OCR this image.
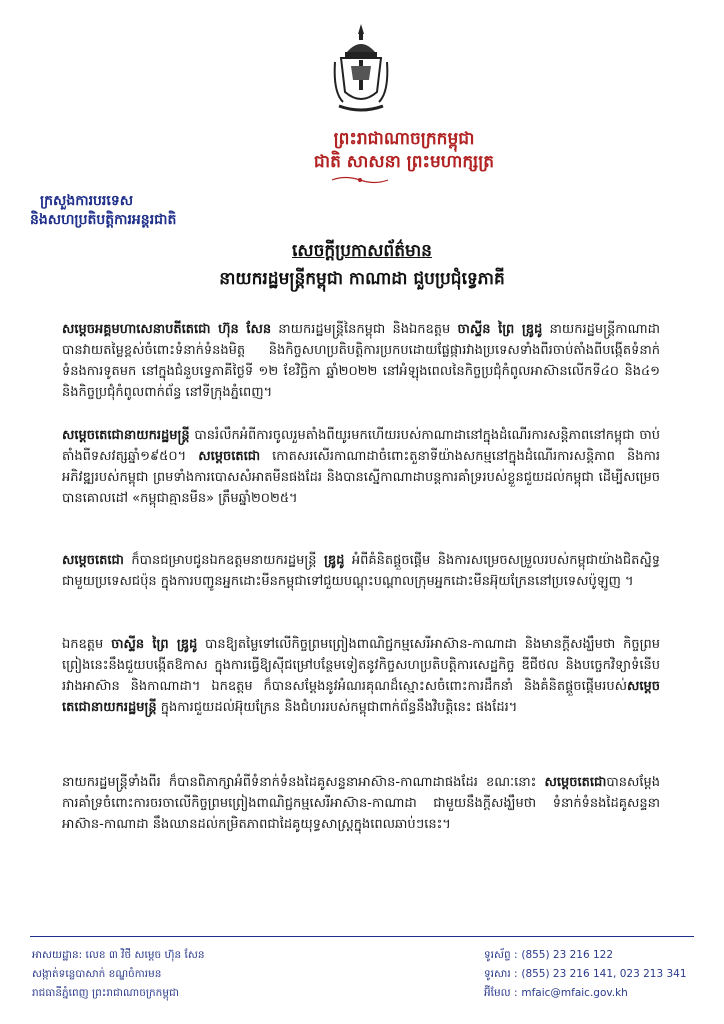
ព្រះរាជាណាចក្រកម្ពុជា
ជាតិ សាសនា ព្រះមហាក្សត្រ
ក្រសួងការបរទេស
និងសហប្រតិបត្តិការអន្តរជាតិ
សេចក្តីប្រកាសព័ត៌មាន
នាយករដ្ឋមន្ត្រីកម្ពុជា កាណាដា ជួបប្រជុំទ្វេភាគី

សម្តេចអគ្គមហាសេនាបតីតេជោ ហ៊ុន សែន នាយករដ្ឋមន្ត្រីនៃកម្ពុជា និងឯកឧត្តម ចាស្ទីន ព្រៃ ឌ្រូដូ នាយករដ្ឋមន្ត្រីកាណាដា បានវាយតម្លៃខ្ពស់ចំពោះទំនាក់ទំនងមិត្ត និងកិច្ចសហប្រតិបត្តិការប្រកបដោយផ្លែផ្ការវាងប្រទេសទាំងពីរចាប់តាំងពីបង្កើតទំនាក់ទំនងការទូតមក នៅក្នុងជំនួបទ្វេភាគីថ្ងៃទី ១២ ខែវិច្ឆិកា ឆ្នាំ២០២២ នៅអំឡុងពេលនៃកិច្ចប្រជុំកំពូលអាស៊ានលើកទី៤០ និង៤១ និងកិច្ចប្រជុំកំពូលពាក់ព័ន្ធ នៅទីក្រុងភ្នំពេញ។

សម្តេចតេជោនាយករដ្ឋមន្ត្រី បានរំលឹកអំពីការចូលរួមតាំងពីយូរមកហើយរបស់កាណាដានៅក្នុងដំណើរការសន្តិភាពនៅកម្ពុជា ចាប់តាំងពីទសវត្សឆ្នាំ១៩៥០។ សម្តេចតេជោ កោតសរសើរកាណាដាចំពោះតួនាទីយ៉ាងសកម្មនៅក្នុងដំណើរការសន្តិភាព និងការអភិវឌ្ឍរបស់កម្ពុជា ព្រមទាំងការបោសសំអាតមីនផងដែរ និងបានស្នើកាណាដាបន្តការគាំទ្ររបស់ខ្លួនជួយដល់កម្ពុជា ដើម្បីសម្រេចបានគោលដៅ «កម្ពុជាគ្មានមីន» ត្រឹមឆ្នាំ២០២៥។

សម្តេចតេជោ ក៏បានជម្រាបជូនឯកឧត្តមនាយករដ្ឋមន្ត្រី ឌ្រូដូ អំពីគំនិតផ្តួចផ្តើម និងការសម្រេចសម្រួលរបស់កម្ពុជាយ៉ាងជិតស្និទ្ធជាមួយប្រទេសជប៉ុន ក្នុងការបញ្ជូនអ្នកដោះមីនកម្ពុជាទៅជួយបណ្តុះបណ្តាលក្រុមអ្នកដោះមីនអ៊ុយក្រែននៅប្រទេសប៉ូឡូញ ។

ឯកឧត្តម ចាស្ទីន ព្រៃ ឌ្រូដូ បានឱ្យតម្លៃទៅលើកិច្ចព្រមព្រៀងពាណិជ្ជកម្មសេរីអាស៊ាន-កាណាដា និងមានក្តីសង្ឃឹមថា កិច្ចព្រមព្រៀងនេះនឹងជួយបង្កើតឱកាស ក្នុងការធ្វើឱ្យស៊ីជម្រៅបន្ថែមទៀតនូវកិច្ចសហប្រតិបត្តិការសេដ្ឋកិច្ច ឌីជីថល និងបច្ចេកវិទ្យាទំនើបរវាងអាស៊ាន និងកាណាដា។ ឯកឧត្តម ក៏បានសម្តែងនូវអំណរគុណដ៏ស្មោះសចំពោះការដឹកនាំ និងគំនិតផ្តួចផ្តើមរបស់សម្តេចតេជោនាយករដ្ឋមន្ត្រី ក្នុងការជួយដល់អ៊ុយក្រែន និងជំហររបស់កម្ពុជាពាក់ព័ន្ធនឹងវិបត្តិនេះ ផងដែរ។

នាយករដ្ឋមន្ត្រីទាំងពីរ ក៏បានពិភាក្សាអំពីទំនាក់ទំនងដៃគូសន្ទនាអាស៊ាន-កាណាដាផងដែរ ខណៈនោះ សម្តេចតេជោបានសម្តែងការគាំទ្រចំពោះការចរចាលើកិច្ចព្រមព្រៀងពាណិជ្ជកម្មសេរីអាស៊ាន-កាណាដា ជាមួយនឹងក្តីសង្ឃឹមថា ទំនាក់ទំនងដៃគូសន្ទនាអាស៊ាន-កាណាដា នឹងឈានដល់កម្រិតភាពជាដៃគូយុទ្ធសាស្ត្រក្នុងពេលឆាប់ៗនេះ។

អាសយដ្ឋាន: លេខ ៣ វិថី សម្តេច ហ៊ុន សែន
សង្កាត់ទន្លេបាសាក់ ខណ្ឌចំការមន
រាជធានីភ្នំពេញ ព្រះរាជាណាចក្រកម្ពុជា
ទូរស័ព្ទ : (855) 23 216 122
ទូរសារ : (855) 23 216 141, 023 213 341
អ៊ីមែល : mfaic@mfaic.gov.kh
